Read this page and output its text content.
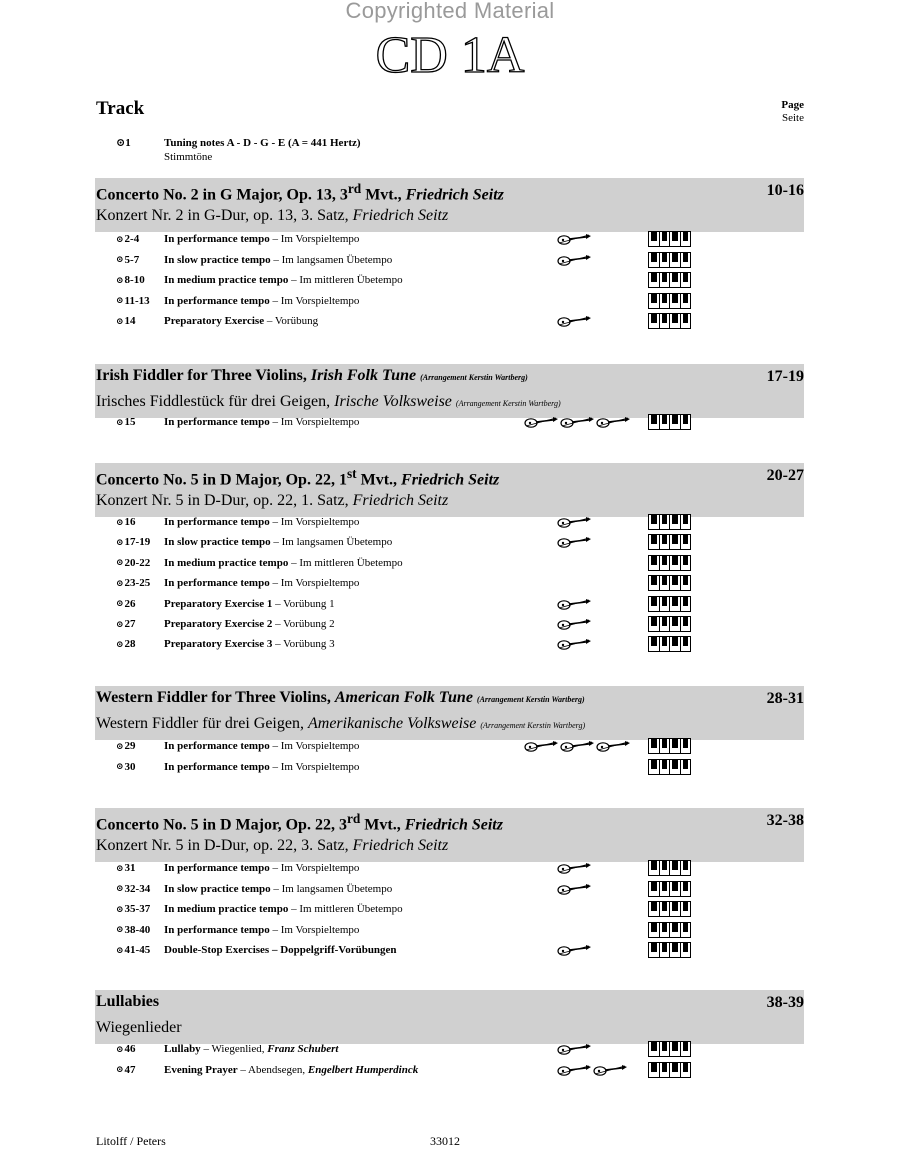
Copyrighted Material
CD 1A
Track	Page
Seite
⊙1	Tuning notes A - D - G - E (A = 441 Hertz)
Stimmtöne
Concerto No. 2 in G Major, Op. 13, 3rd Mvt., Friedrich Seitz
Konzert Nr. 2 in G-Dur, op. 13, 3. Satz, Friedrich Seitz
10-16
⊙ 2-4 In performance tempo – Im Vorspieltempo
⊙ 5-7 In slow practice tempo – Im langsamen Übetempo
⊙ 8-10 In medium practice tempo – Im mittleren Übetempo
⊙ 11-13 In performance tempo – Im Vorspieltempo
⊙ 14	Preparatory Exercise – Vorübung
Irish Fiddler for Three Violins, Irish Folk Tune (Arrangement Kerstin Wartberg)
Irisches Fiddlestück für drei Geigen, Irische Volksweise (Arrangement Kerstin Wartberg)
17-19
⊙ 15	In performance tempo – Im Vorspieltempo
Concerto No. 5 in D Major, Op. 22, 1st Mvt., Friedrich Seitz
Konzert Nr. 5 in D-Dur, op. 22, 1. Satz, Friedrich Seitz
20-27
⊙ 16	In performance tempo – Im Vorspieltempo
⊙ 17-19 In slow practice tempo – Im langsamen Übetempo
⊙ 20-22 In medium practice tempo – Im mittleren Übetempo
⊙ 23-25 In performance tempo – Im Vorspieltempo
⊙ 26	Preparatory Exercise 1 – Vorübung 1
⊙ 27	Preparatory Exercise 2 – Vorübung 2
⊙ 28	Preparatory Exercise 3 – Vorübung 3
Western Fiddler for Three Violins, American Folk Tune (Arrangement Kerstin Wartberg)
Western Fiddler für drei Geigen, Amerikanische Volksweise (Arrangement Kerstin Wartberg)
28-31
⊙ 29	In performance tempo – Im Vorspieltempo
⊙ 30	In performance tempo – Im Vorspieltempo
Concerto No. 5 in D Major, Op. 22, 3rd Mvt., Friedrich Seitz
Konzert Nr. 5 in D-Dur, op. 22, 3. Satz, Friedrich Seitz
32-38
⊙ 31	In performance tempo – Im Vorspieltempo
⊙ 32-34 In slow practice tempo – Im langsamen Übetempo
⊙ 35-37 In medium practice tempo – Im mittleren Übetempo
⊙ 38-40 In performance tempo – Im Vorspieltempo
⊙ 41-45 Double-Stop Exercises – Doppelgriff-Vorübungen
Lullabies
Wiegenlieder
38-39
⊙ 46	Lullaby – Wiegenlied, Franz Schubert
⊙ 47	Evening Prayer – Abendsegen, Engelbert Humperdinck
Litolff / Peters	33012
